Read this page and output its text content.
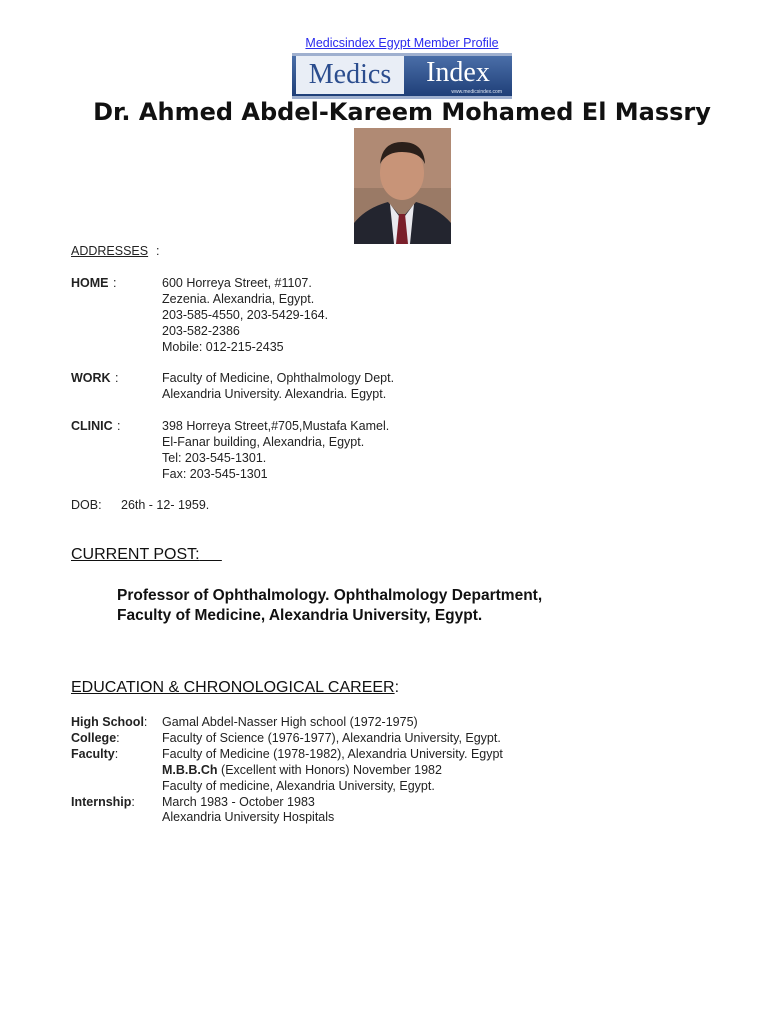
Medicsindex Egypt Member Profile
Medics	Index
www.medicsindex.com
Dr. Ahmed Abdel-Kareem Mohamed El Massry
ADDRESSES :
HOME :	600 Horreya Street, #1107.
Zezenia. Alexandria, Egypt.
203-585-4550, 203-5429-164.
203-582-2386
Mobile: 012-215-2435
WORK :	Faculty of Medicine, Ophthalmology Dept.
Alexandria University. Alexandria. Egypt.
CLINIC :	398 Horreya Street,#705,Mustafa Kamel.
El-Fanar building, Alexandria, Egypt.
Tel: 203-545-1301.
Fax: 203-545-1301
DOB: 26th - 12- 1959.
CURRENT POST:
Professor of Ophthalmology. Ophthalmology Department,
Faculty of Medicine, Alexandria University, Egypt.
EDUCATION & CHRONOLOGICAL CAREER:
High School: Gamal Abdel-Nasser High school (1972-1975)
College:	Faculty of Science (1976-1977), Alexandria University, Egypt.
Faculty:	Faculty of Medicine (1978-1982), Alexandria University. Egypt
M.B.B.Ch (Excellent with Honors) November 1982
Faculty of medicine, Alexandria University, Egypt.
Internship: March 1983 - October 1983
Alexandria University Hospitals
